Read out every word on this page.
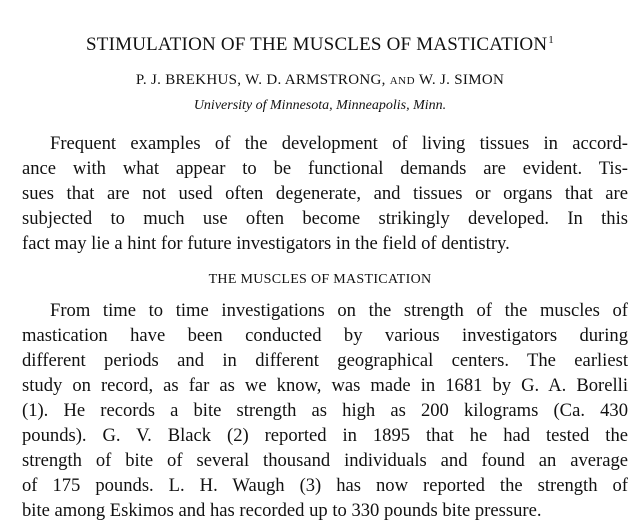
STIMULATION OF THE MUSCLES OF MASTICATION$^1$
P. J. BREKHUS, W. D. ARMSTRONG, AND W. J. SIMON
University of Minnesota, Minneapolis, Minn.
Frequent examples of the development of living tissues in accord-
ance with what appear to be functional demands are evident. Tis-
sues that are not used often degenerate, and tissues or organs that are
subjected to much use often become strikingly developed. In this
fact may lie a hint for future investigators in the field of dentistry.
THE MUSCLES OF MASTICATION
From time to time investigations on the strength of the muscles of
mastication have been conducted by various investigators during
different periods and in different geographical centers. The earliest
study on record, as far as we know, was made in 1681 by G. A. Borelli
(1). He records a bite strength as high as 200 kilograms (Ca. 430
pounds). G. V. Black (2) reported in 1895 that he had tested the
strength of bite of several thousand individuals and found an average
of 175 pounds. L. H. Waugh (3) has now reported the strength of
bite among Eskimos and has recorded up to 330 pounds bite pressure.
